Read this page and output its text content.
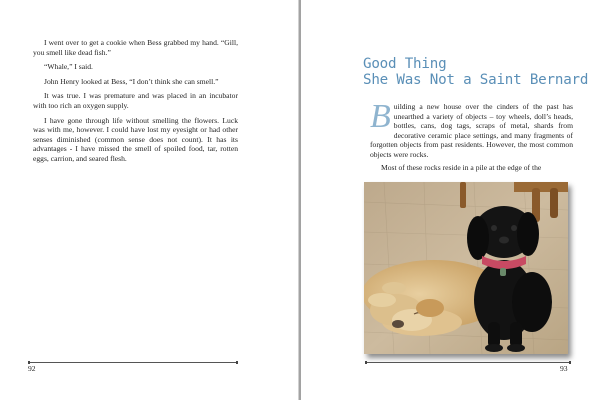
I went over to get a cookie when Bess grabbed my hand. “Gill, you smell like dead fish.”

“Whale,” I said.

John Henry looked at Bess, “I don’t think she can smell.”

It was true. I was premature and was placed in an incubator with too rich an oxygen supply.

I have gone through life without smelling the flowers. Luck was with me, however. I could have lost my eyesight or had other senses diminished (common sense does not count). It has its advantages - I have missed the smell of spoiled food, tar, rotten eggs, carrion, and seared flesh.

92
Good Thing
She Was Not a Saint Bernard

Building a new house over the cinders of the past has unearthed a variety of objects – toy wheels, doll’s heads, bottles, cans, dog tags, scraps of metal, shards from decorative ceramic place settings, and many fragments of forgotten objects from past residents. However, the most common objects were rocks.

Most of these rocks reside in a pile at the edge of the

93
